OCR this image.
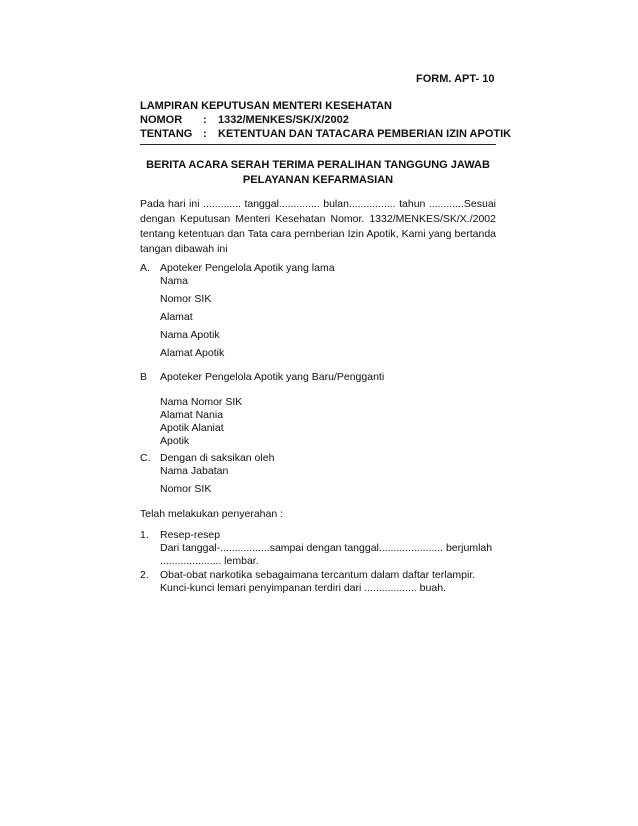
FORM. APT- 10
LAMPIRAN KEPUTUSAN MENTERI KESEHATAN
NOMOR : 1332/MENKES/SK/X/2002
TENTANG : KETENTUAN DAN TATACARA PEMBERIAN IZIN APOTIK
BERITA ACARA SERAH TERIMA PERALIHAN TANGGUNG JAWAB
PELAYANAN KEFARMASIAN
Pada hari ini ............. tanggal.............. bulan................ tahun ............Sesuai
dengan Keputusan Menteri Kesehatan Nomor. 1332/MENKES/SK/X./2002
tentang ketentuan dan Tata cara pernberian Izin Apotik, Kami yang bertanda
tangan dibawah ini
A. Apoteker Pengelola Apotik yang lama
Nama
Nomor SIK
Alamat
Nama Apotik
Alamat Apotik
B Apoteker Pengelola Apotik yang Baru/Pengganti
Nama Nomor SIK
Alamat Nania
Apotik Alaniat
Apotik
C. Dengan di saksikan oleh
Nama Jabatan
Nomor SIK
Telah melakukan penyerahan :
1. Resep-resep
Dari tanggal-.................sampai dengan tanggal...................... berjumlah
..................... lembar.
2. Obat-obat narkotika sebagaimana tercantum dalam daftar terlampir.
Kunci-kunci lemari penyimpanan terdiri dari .................. buah.
